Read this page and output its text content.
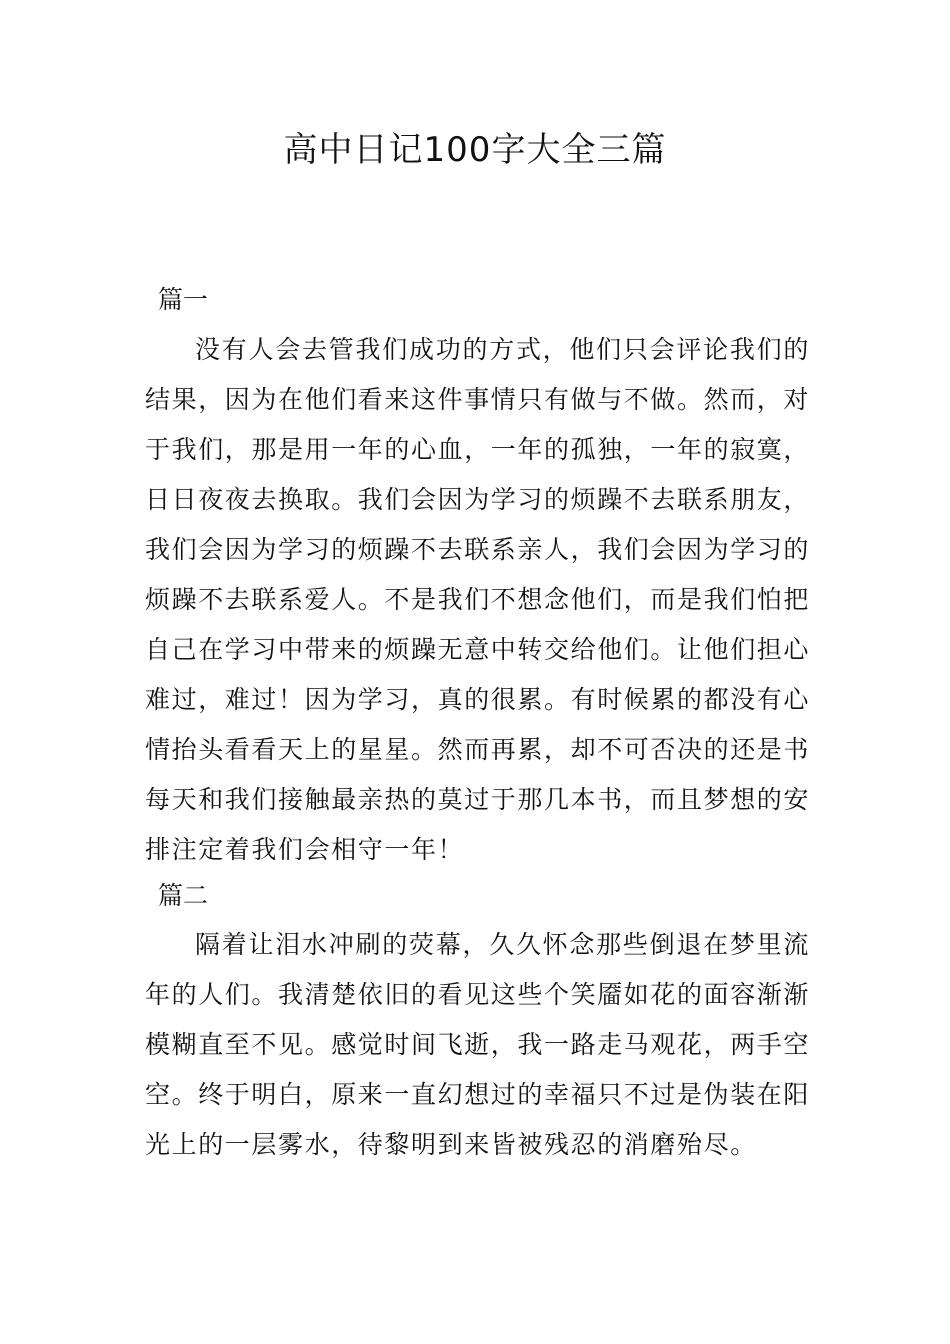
高中日记100字大全三篇
篇一

没有人会去管我们成功的方式，他们只会评论我们的结果，因为在他们看来这件事情只有做与不做。然而，对于我们，那是用一年的心血，一年的孤独，一年的寂寞，日日夜夜去换取。我们会因为学习的烦躁不去联系朋友，我们会因为学习的烦躁不去联系亲人，我们会因为学习的烦躁不去联系爱人。不是我们不想念他们，而是我们怕把自己在学习中带来的烦躁无意中转交给他们。让他们担心难过，难过！因为学习，真的很累。有时候累的都没有心情抬头看看天上的星星。然而再累，却不可否决的还是书每天和我们接触最亲热的莫过于那几本书，而且梦想的安排注定着我们会相守一年！

篇二

隔着让泪水冲刷的荧幕，久久怀念那些倒退在梦里流年的人们。我清楚依旧的看见这些个笑靥如花的面容渐渐模糊直至不见。感觉时间飞逝，我一路走马观花，两手空空。终于明白，原来一直幻想过的幸福只不过是伪装在阳光上的一层雾水，待黎明到来皆被残忍的消磨殆尽。
